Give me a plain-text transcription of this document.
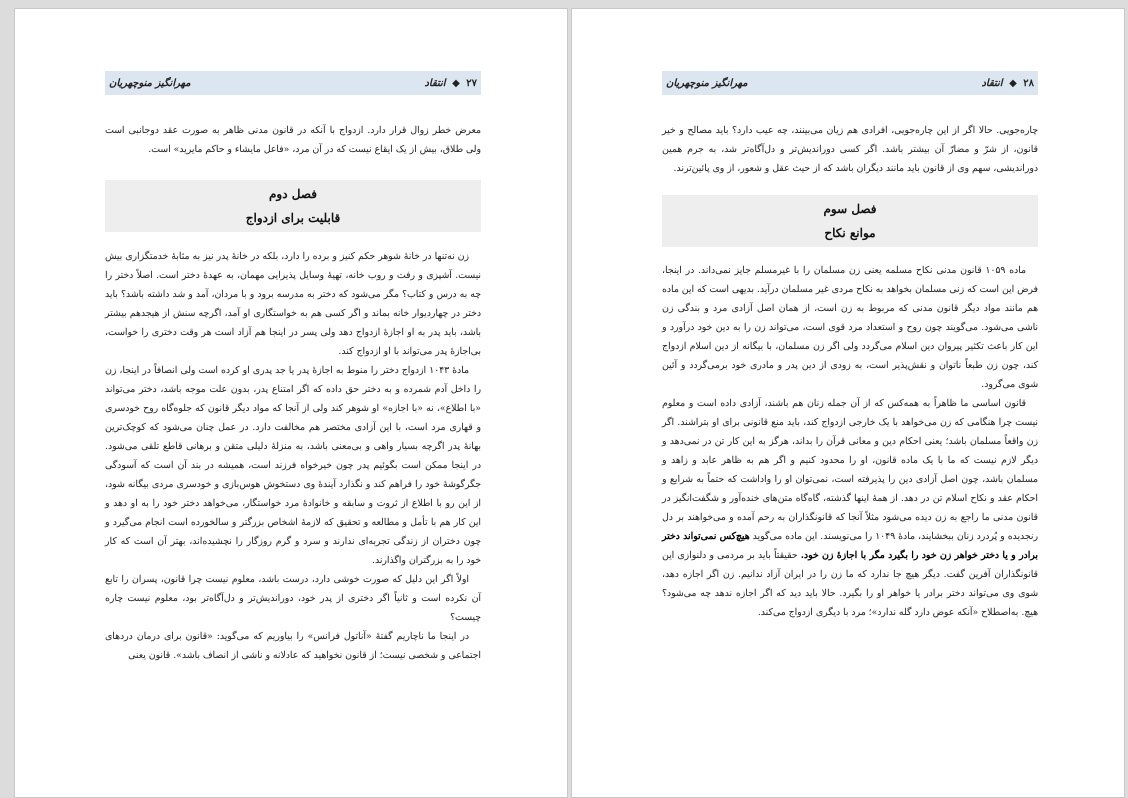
۲۷ ◆ انتقاد
مهرانگیز منوچهریان

معرض خطر زوال قرار دارد. ازدواج با آنکه در قانون مدنی ظاهر به صورت عقد دوجانبی است ولی طلاق، بیش از یک ایقاع نیست که در آن مرد، «فاعل مایشاء و حاکم مایرید» است.

فصل دوم
قابلیت برای ازدواج

زن نه‌تنها در خانهٔ شوهر حکم کنیز و برده را دارد، بلکه در خانهٔ پدر نیز به مثابهٔ خدمتگزاری بیش نیست. آشپزی و رفت و روب خانه، تهیهٔ وسایل پذیرایی مهمان، به عهدهٔ دختر است. اصلاً دختر را چه به درس و کتاب؟ مگر می‌شود که دختر به مدرسه برود و با مردان، آمد و شد داشته باشد؟ باید دختر در چهاردیوار خانه بماند و اگر کسی هم به خواستگاری او آمد، اگرچه سنش از هیجدهم بیشتر باشد، باید پدر به او اجازهٔ ازدواج دهد ولی پسر در اینجا هم آزاد است هر وقت دختری را خواست، بی‌اجازهٔ پدر می‌تواند با او ازدواج کند.

مادهٔ ۱۰۴۳ ازدواج دختر را منوط به اجازهٔ پدر یا جد پدری او کرده است ولی انصافاً در اینجا، زن را داخل آدم شمرده و به دختر حق داده که اگر امتناع پدر، بدون علت موجه باشد، دختر می‌تواند «با اطلاع»، نه «با اجازه» او شوهر کند ولی از آنجا که مواد دیگر قانون که جلوه‌گاه روح خودسری و قهاری مرد است، با این آزادی مختصر هم مخالفت دارد. در عمل چنان می‌شود که کوچک‌ترین بهانهٔ پدر اگرچه بسیار واهی و بی‌معنی باشد، به منزلهٔ دلیلی متقن و برهانی قاطع تلقی می‌شود. در اینجا ممکن است بگوئیم پدر چون خیرخواه فرزند است، همیشه در بند آن است که آسودگی جگرگوشهٔ خود را فراهم کند و نگذارد آیندهٔ وی دستخوش هوس‌بازی و خودسری مردی بیگانه شود، از این رو با اطلاع از ثروت و سابقه و خانوادهٔ مرد خواستگار، می‌خواهد دختر خود را به او دهد و این کار هم با تأمل و مطالعه و تحقیق که لازمهٔ اشخاص بزرگتر و سالخورده است انجام می‌گیرد و چون دختران از زندگی تجربه‌ای ندارند و سرد و گرم روزگار را نچشیده‌اند، بهتر آن است که کار خود را به بزرگتران واگذارند.

اولاً اگر این دلیل که صورت خوشی دارد، درست باشد، معلوم نیست چرا قانون، پسران را تابع آن نکرده است و ثانیاً اگر دختری از پدر خود، دوراندیش‌تر و دل‌آگاه‌تر بود، معلوم نیست چاره چیست؟

در اینجا ما ناچاریم گفتهٔ «آناتول فرانس» را بیاوریم که می‌گوید: «قانون برای درمان دردهای اجتماعی و شخصی نیست؛ از قانون نخواهید که عادلانه و ناشی از انصاف باشد». قانون یعنی

۲۸ ◆ انتقاد
مهرانگیز منوچهریان

چاره‌جویی. حالا اگر از این چاره‌جویی، افرادی هم زیان می‌بینند، چه عیب دارد؟ باید مصالح و خیر قانون، از شرّ و مضارّ آن بیشتر باشد. اگر کسی دوراندیش‌تر و دل‌آگاه‌تر شد، به جرم همین دوراندیشی، سهم وی از قانون باید مانند دیگران باشد که از حیث عقل و شعور، از وی پائین‌ترند.

فصل سوم
موانع نکاح

ماده ۱۰۵۹ قانون مدنی نکاح مسلمه یعنی زن مسلمان را با غیرمسلم جایز نمی‌داند. در اینجا، فرض این است که زنی مسلمان بخواهد به نکاح مردی غیر مسلمان درآید. بدیهی است که این ماده هم مانند مواد دیگر قانون مدنی که مربوط به زن است، از همان اصل آزادی مرد و بندگی زن ناشی می‌شود. می‌گویند چون روح و استعداد مرد قوی است، می‌تواند زن را به دین خود درآورد و این کار باعث تکثیر پیروان دین اسلام می‌گردد ولی اگر زن مسلمان، با بیگانه از دین اسلام ازدواج کند، چون زن طبعاً ناتوان و نقش‌پذیر است، به زودی از دین پدر و مادری خود برمی‌گردد و آئین شوی می‌گرود.

قانون اساسی ما ظاهراً به همه‌کس که از آن جمله زنان هم باشند، آزادی داده است و معلوم نیست چرا هنگامی که زن می‌خواهد با یک خارجی ازدواج کند، باید منع قانونی برای او بتراشند. اگر زن واقعاً مسلمان باشد؛ یعنی احکام دین و معانی قرآن را بداند، هرگز به این کار تن در نمی‌دهد و دیگر لازم نیست که ما با یک ماده قانون، او را محدود کنیم و اگر هم به ظاهر عابد و زاهد و مسلمان باشد، چون اصل آزادی دین را پذیرفته است، نمی‌توان او را واداشت که حتماً به شرایع و احکام عقد و نکاح اسلام تن در دهد. از همهٔ اینها گذشته، گاه‌گاه متن‌های خنده‌آور و شگفت‌انگیز در قانون مدنی ما راجع به زن دیده می‌شود مثلاً آنجا که قانونگذاران به رحم آمده و می‌خواهند بر دل رنجدیده و پُردرد زنان ببخشایند، مادهٔ ۱۰۴۹ را می‌نویسند. این ماده می‌گوید هیچ‌کس نمی‌تواند دختر برادر و یا دختر خواهر زن خود را بگیرد مگر با اجازهٔ زن خود. حقیقتاً باید بر مردمی و دلنوازی این قانونگذاران آفرین گفت. دیگر هیچ جا ندارد که ما زن را در ایران آزاد ندانیم. زن اگر اجازه دهد، شوی وی می‌تواند دختر برادر یا خواهر او را بگیرد. حالا باید دید که اگر اجازه ندهد چه می‌شود؟ هیچ. به‌اصطلاح «آنکه عوض دارد گله ندارد»؛ مرد با دیگری ازدواج می‌کند.
